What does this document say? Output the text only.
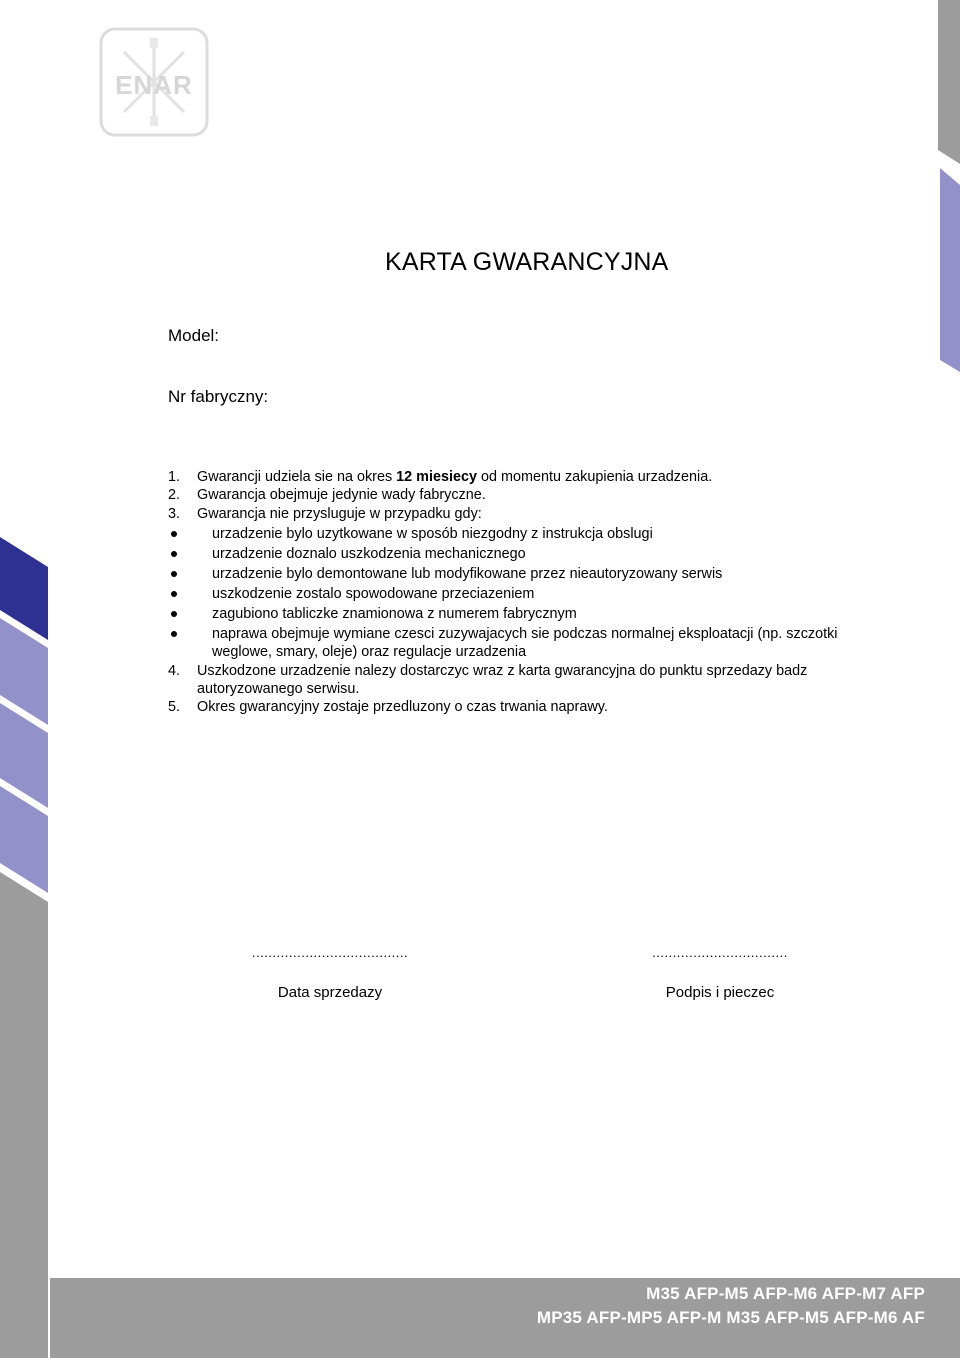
ENAR
KARTA GWARANCYJNA
Model:
Nr fabryczny:
1. Gwarancji udziela sie na okres 12 miesiecy od momentu zakupienia urzadzenia.
2. Gwarancja obejmuje jedynie wady fabryczne.
3. Gwarancja nie przysluguje w przypadku gdy:
urzadzenie bylo uzytkowane w sposób niezgodny z instrukcja obslugi
urzadzenie doznalo uszkodzenia mechanicznego
urzadzenie bylo demontowane lub modyfikowane przez nieautoryzowany serwis
uszkodzenie zostalo spowodowane przeciazeniem
zagubiono tabliczke znamionowa z numerem fabrycznym
naprawa obejmuje wymiane czesci zuzywajacych sie podczas normalnej eksploatacji (np. szczotki weglowe, smary, oleje) oraz regulacje urzadzenia
4. Uszkodzone urzadzenie nalezy dostarczyc wraz z karta gwarancyjna do punktu sprzedazy badz autoryzowanego serwisu.
5. Okres gwarancyjny zostaje przedluzony o czas trwania naprawy.
......................................
Data sprzedazy
.................................
Podpis i pieczec
M35 AFP-M5 AFP-M6 AFP-M7 AFP
MP35 AFP-MP5 AFP-M M35 AFP-M5 AFP-M6 AF
